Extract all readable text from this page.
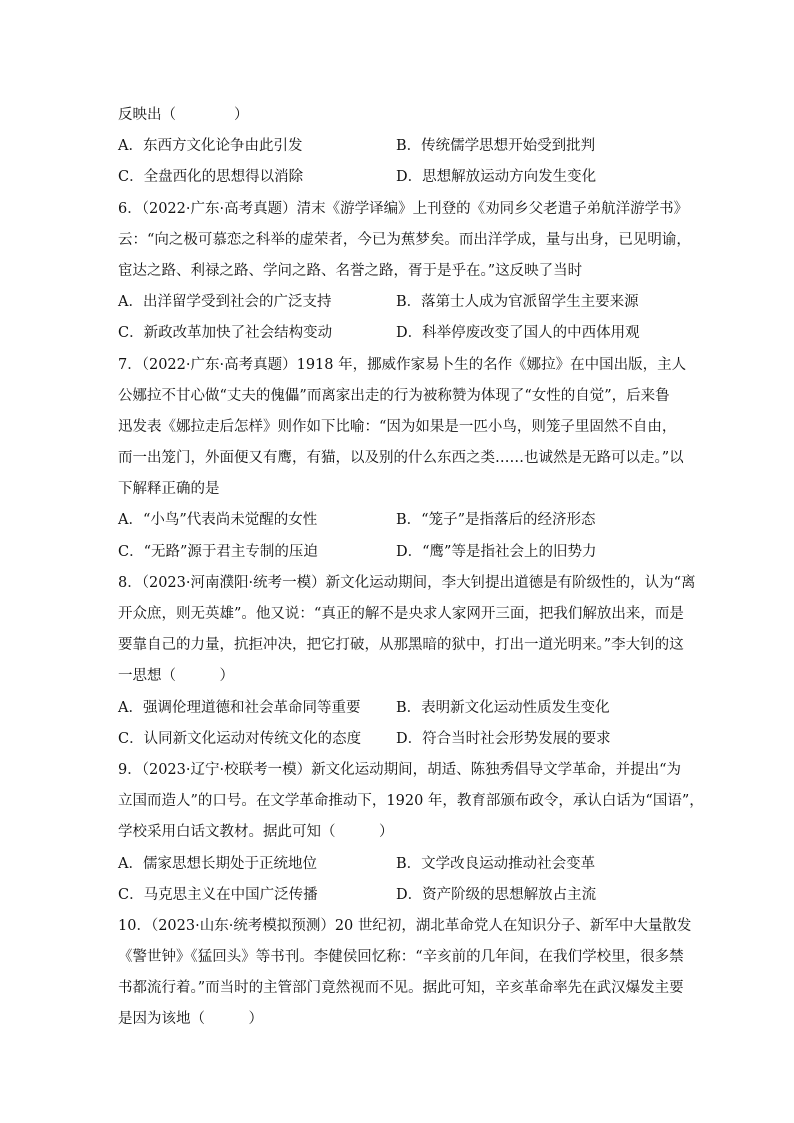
反映出（　　　　）
A．东西方文化论争由此引发	B．传统儒学思想开始受到批判
C．全盘西化的思想得以消除	D．思想解放运动方向发生变化
6．（2022·广东·高考真题）清末《游学译编》上刊登的《劝同乡父老遣子弟航洋游学书》
云：“向之极可慕恋之科举的虚荣者，今已为蕉梦矣。而出洋学成，量与出身，已见明谕，
宦达之路、利禄之路、学问之路、名誉之路，胥于是乎在。”这反映了当时
A．出洋留学受到社会的广泛支持	B．落第士人成为官派留学生主要来源
C．新政改革加快了社会结构变动	D．科举停废改变了国人的中西体用观
7．（2022·广东·高考真题）1918 年，挪威作家易卜生的名作《娜拉》在中国出版，主人
公娜拉不甘心做“丈夫的傀儡”而离家出走的行为被称赞为体现了“女性的自觉”，后来鲁
迅发表《娜拉走后怎样》则作如下比喻：“因为如果是一匹小鸟，则笼子里固然不自由，
而一出笼门，外面便又有鹰，有猫，以及别的什么东西之类……也诚然是无路可以走。”以
下解释正确的是
A．“小鸟”代表尚未觉醒的女性	B．“笼子”是指落后的经济形态
C．“无路”源于君主专制的压迫	D．“鹰”等是指社会上的旧势力
8．（2023·河南濮阳·统考一模）新文化运动期间，李大钊提出道德是有阶级性的，认为“离
开众庶，则无英雄”。他又说：“真正的解不是央求人家网开三面，把我们解放出来，而是
要靠自己的力量，抗拒冲决，把它打破，从那黑暗的狱中，打出一道光明来。”李大钊的这
一思想（　　　）
A．强调伦理道德和社会革命同等重要	B．表明新文化运动性质发生变化
C．认同新文化运动对传统文化的态度	D．符合当时社会形势发展的要求
9．（2023·辽宁·校联考一模）新文化运动期间，胡适、陈独秀倡导文学革命，并提出“为
立国而造人”的口号。在文学革命推动下，1920 年，教育部颁布政令，承认白话为“国语”，
学校采用白话文教材。据此可知（　　　）
A．儒家思想长期处于正统地位	B．文学改良运动推动社会变革
C．马克思主义在中国广泛传播	D．资产阶级的思想解放占主流
10．（2023·山东·统考模拟预测）20 世纪初，湖北革命党人在知识分子、新军中大量散发
《警世钟》《猛回头》等书刊。李健侯回忆称：“辛亥前的几年间，在我们学校里，很多禁
书都流行着。”而当时的主管部门竟然视而不见。据此可知，辛亥革命率先在武汉爆发主要
是因为该地（　　　）
